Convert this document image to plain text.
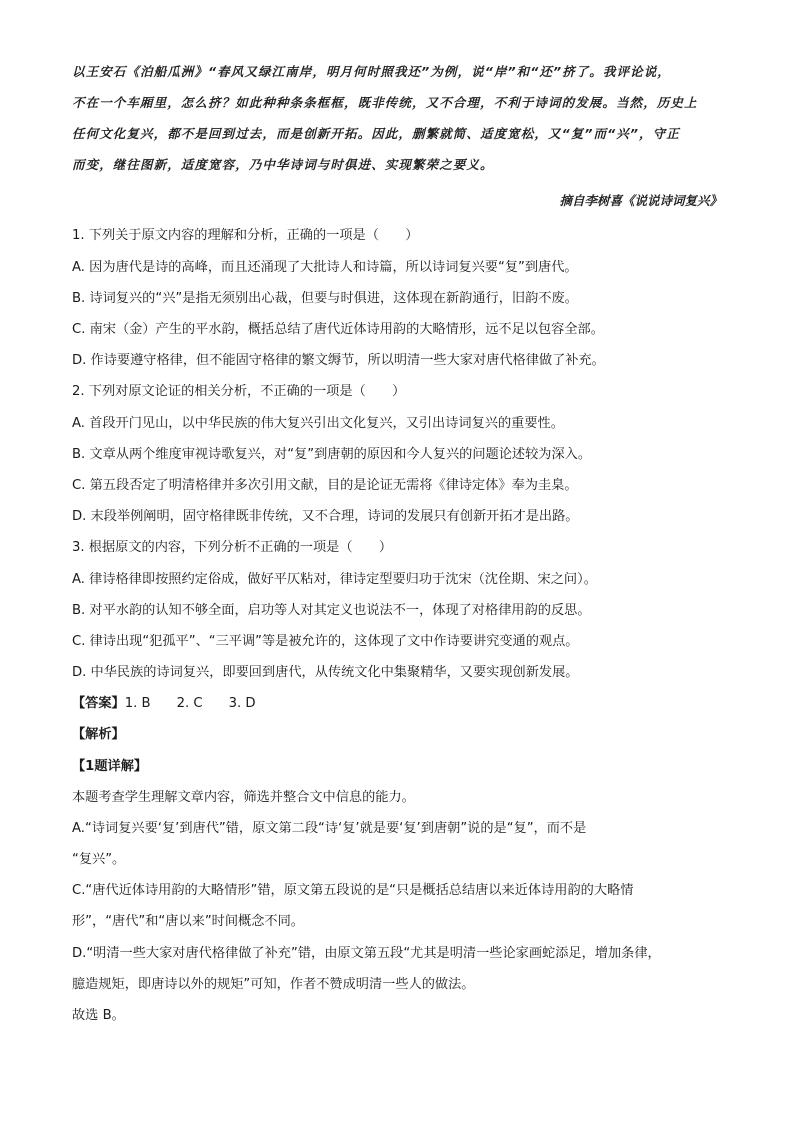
以王安石《泊船瓜洲》“春风又绿江南岸，明月何时照我还”为例，说“岸”和“还”挤了。我评论说，
不在一个车厢里，怎么挤？如此种种条条框框，既非传统，又不合理，不利于诗词的发展。当然，历史上
任何文化复兴，都不是回到过去，而是创新开拓。因此，删繁就简、适度宽松，又“复”而“兴”，守正
而变，继往图新，适度宽容，乃中华诗词与时俱进、实现繁荣之要义。
摘自李树喜《说说诗词复兴》
1. 下列关于原文内容的理解和分析，正确的一项是（　　）
A. 因为唐代是诗的高峰，而且还涌现了大批诗人和诗篇，所以诗词复兴要“复”到唐代。
B. 诗词复兴的“兴”是指无须别出心裁，但要与时俱进，这体现在新韵通行，旧韵不废。
C. 南宋（金）产生的平水韵，概括总结了唐代近体诗用韵的大略情形，远不足以包容全部。
D. 作诗要遵守格律，但不能固守格律的繁文缛节，所以明清一些大家对唐代格律做了补充。
2. 下列对原文论证的相关分析，不正确的一项是（　　）
A. 首段开门见山，以中华民族的伟大复兴引出文化复兴，又引出诗词复兴的重要性。
B. 文章从两个维度审视诗歌复兴，对“复”到唐朝的原因和今人复兴的问题论述较为深入。
C. 第五段否定了明清格律并多次引用文献，目的是论证无需将《律诗定体》奉为圭臬。
D. 末段举例阐明，固守格律既非传统，又不合理，诗词的发展只有创新开拓才是出路。
3. 根据原文的内容，下列分析不正确的一项是（　　）
A. 律诗格律即按照约定俗成，做好平仄粘对，律诗定型要归功于沈宋（沈佺期、宋之问）。
B. 对平水韵的认知不够全面，启功等人对其定义也说法不一，体现了对格律用韵的反思。
C. 律诗出现“犯孤平”、“三平调”等是被允许的，这体现了文中作诗要讲究变通的观点。
D. 中华民族的诗词复兴，即要回到唐代，从传统文化中集聚精华，又要实现创新发展。
【答案】1. B 2. C 3. D
【解析】
【1题详解】
本题考查学生理解文章内容，筛选并整合文中信息的能力。
A.“诗词复兴要‘复’到唐代”错，原文第二段“诗‘复’就是要‘复’到唐朝”说的是“复”，而不是
“复兴”。
C.“唐代近体诗用韵的大略情形”错，原文第五段说的是“只是概括总结唐以来近体诗用韵的大略情
形”，“唐代”和“唐以来”时间概念不同。
D.“明清一些大家对唐代格律做了补充”错，由原文第五段“尤其是明清一些论家画蛇添足，增加条律，
臆造规矩，即唐诗以外的规矩”可知，作者不赞成明清一些人的做法。
故选 B。
